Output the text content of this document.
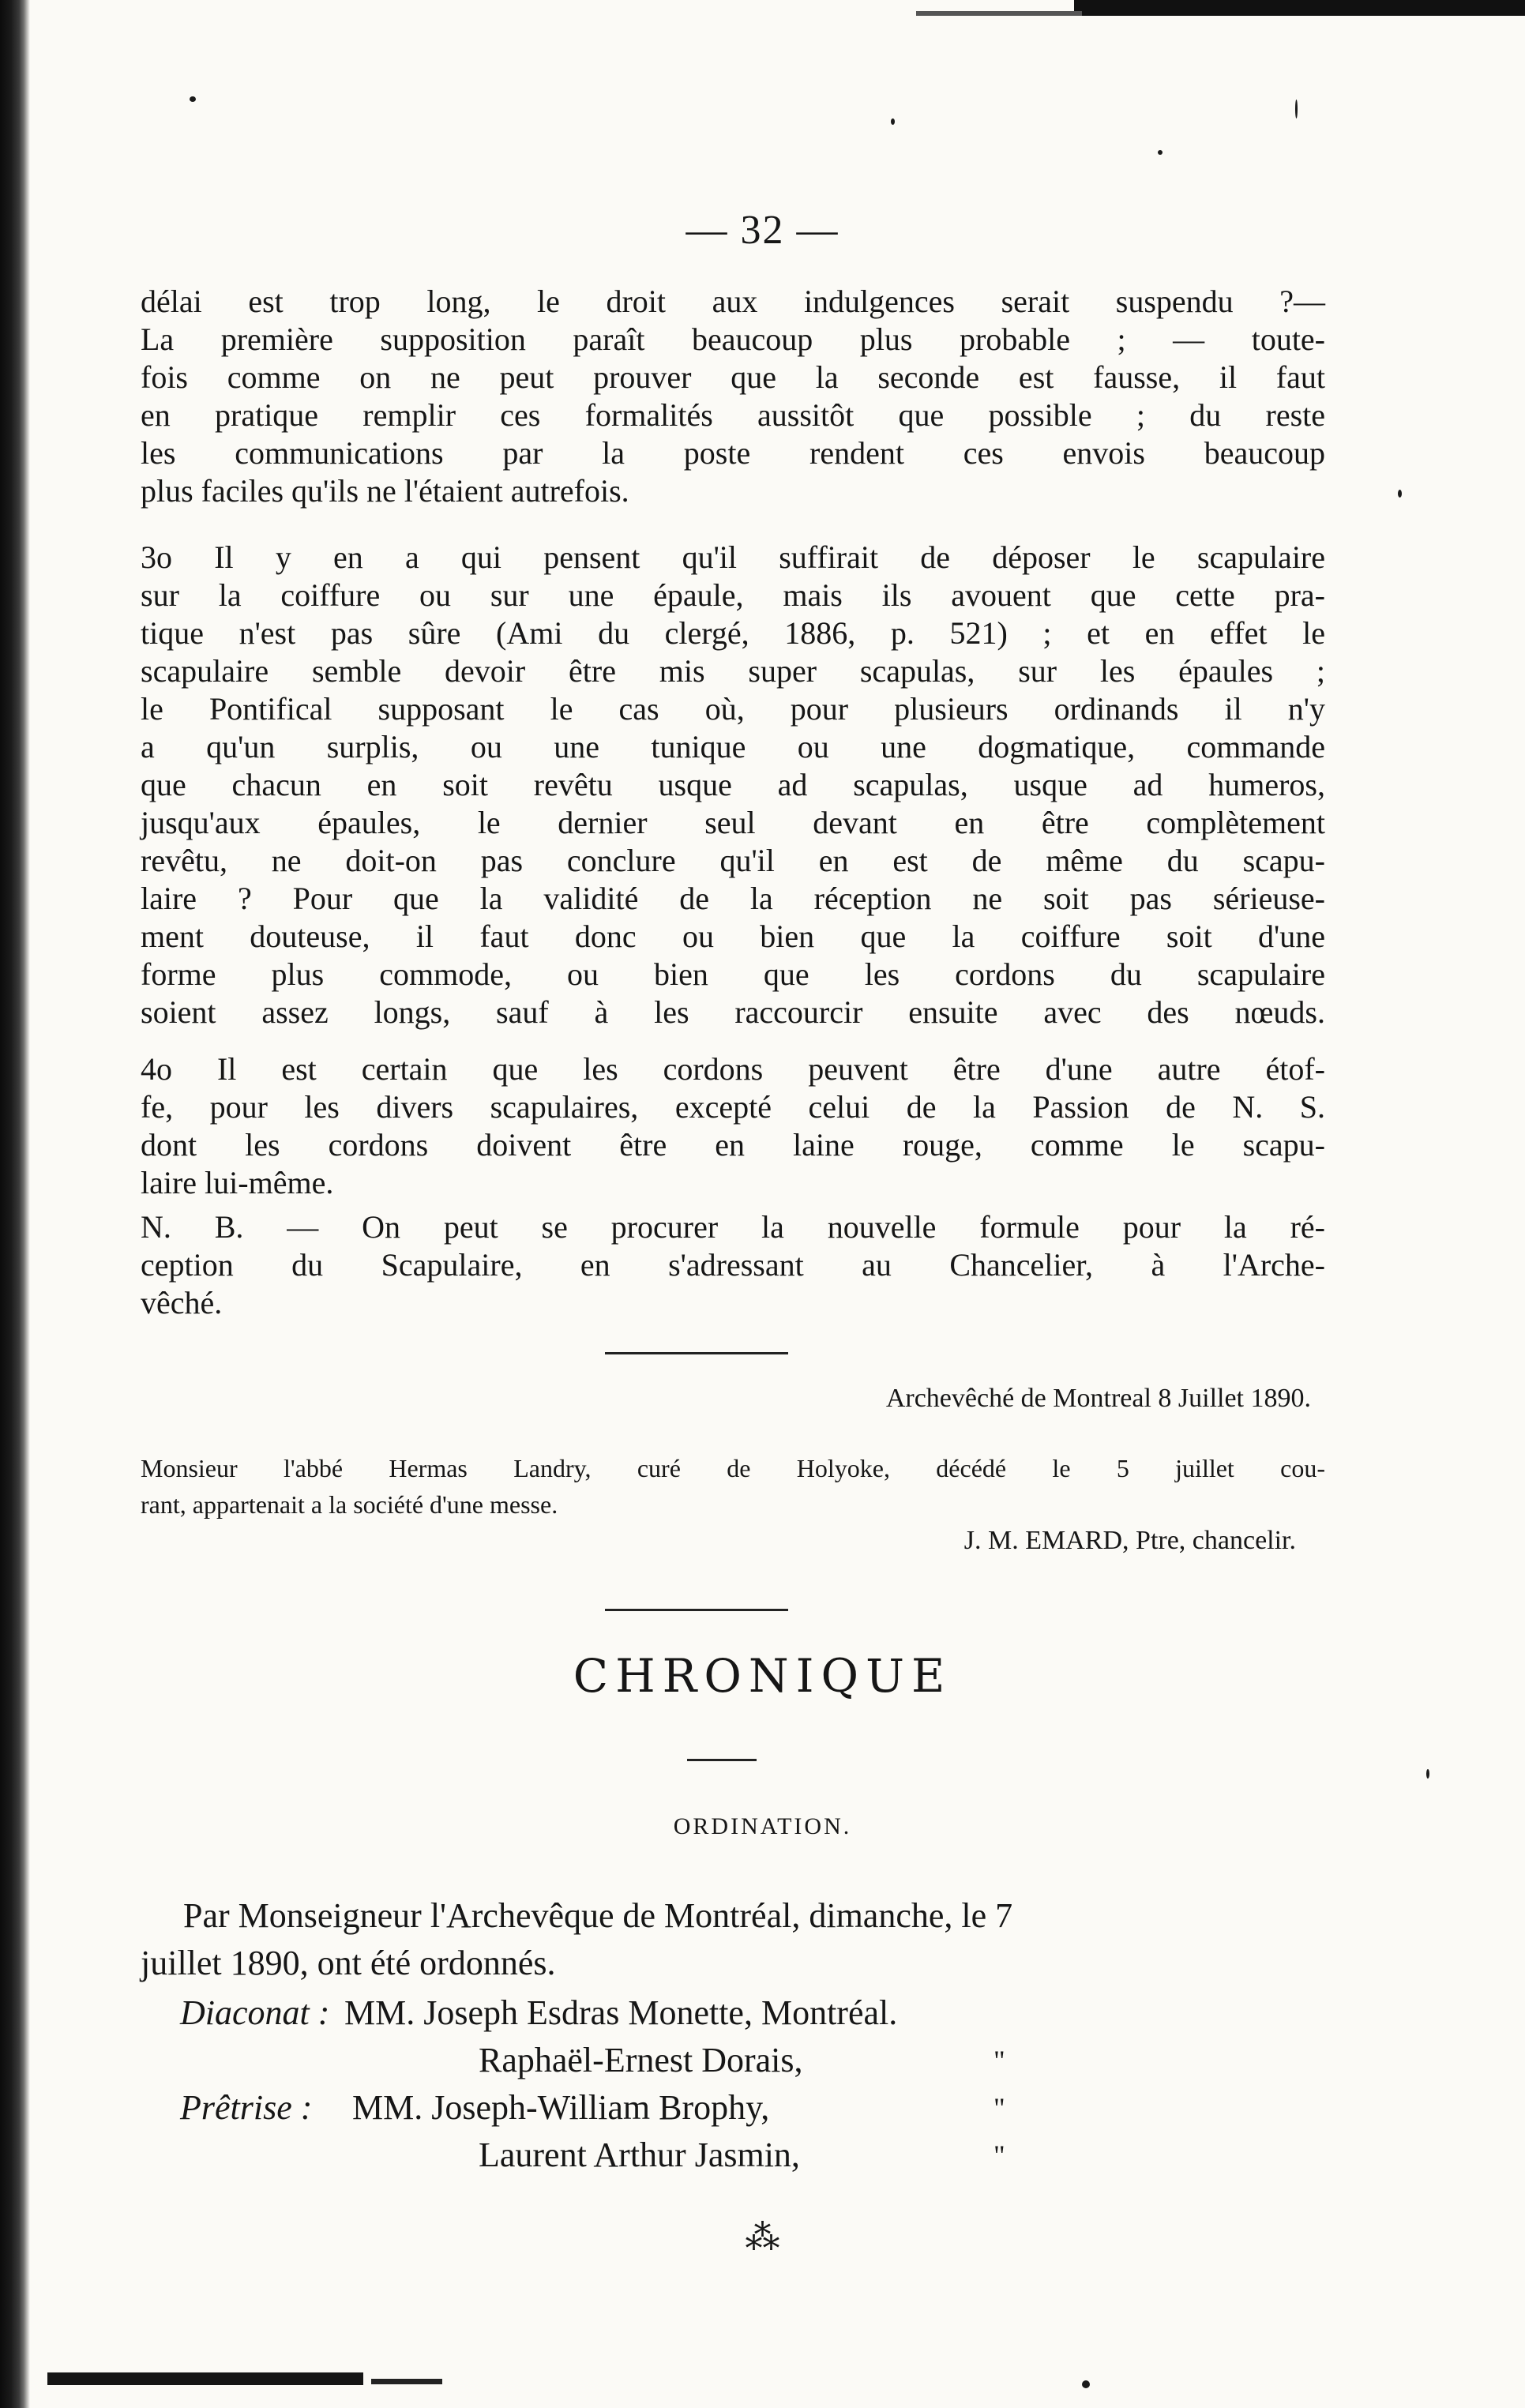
— 32 —
délai est trop long, le droit aux indulgences serait suspendu ?—
La première supposition paraît beaucoup plus probable ; — toute-
fois comme on ne peut prouver que la seconde est fausse, il faut
en pratique remplir ces formalités aussitôt que possible ; du reste
les communications par la poste rendent ces envois beaucoup
plus faciles qu'ils ne l'étaient autrefois.
3o Il y en a qui pensent qu'il suffirait de déposer le scapulaire
sur la coiffure ou sur une épaule, mais ils avouent que cette pra-
tique n'est pas sûre (Ami du clergé, 1886, p. 521) ; et en effet le
scapulaire semble devoir être mis super scapulas, sur les épaules ;
le Pontifical supposant le cas où, pour plusieurs ordinands il n'y
a qu'un surplis, ou une tunique ou une dogmatique, commande
que chacun en soit revêtu usque ad scapulas, usque ad humeros,
jusqu'aux épaules, le dernier seul devant en être complètement
revêtu, ne doit-on pas conclure qu'il en est de même du scapu-
laire ? Pour que la validité de la réception ne soit pas sérieuse-
ment douteuse, il faut donc ou bien que la coiffure soit d'une
forme plus commode, ou bien que les cordons du scapulaire
soient assez longs, sauf à les raccourcir ensuite avec des nœuds.
4o Il est certain que les cordons peuvent être d'une autre étof-
fe, pour les divers scapulaires, excepté celui de la Passion de N. S.
dont les cordons doivent être en laine rouge, comme le scapu-
laire lui-même.
N. B. — On peut se procurer la nouvelle formule pour la ré-
ception du Scapulaire, en s'adressant au Chancelier, à l'Arche-
vêché.
Archevêché de Montreal 8 Juillet 1890.
Monsieur l'abbé Hermas Landry, curé de Holyoke, décédé le 5 juillet cou-
rant, appartenait a la société d'une messe.
J. M. EMARD, Ptre, chancelir.
CHRONIQUE
ORDINATION.
Par Monseigneur l'Archevêque de Montréal, dimanche, le 7
juillet 1890, ont été ordonnés.
Diaconat : MM. Joseph Esdras Monette, Montréal.
Raphaël-Ernest Dorais,	"
Prêtrise : MM. Joseph-William Brophy,	"
Laurent Arthur Jasmin,	"
⁂
